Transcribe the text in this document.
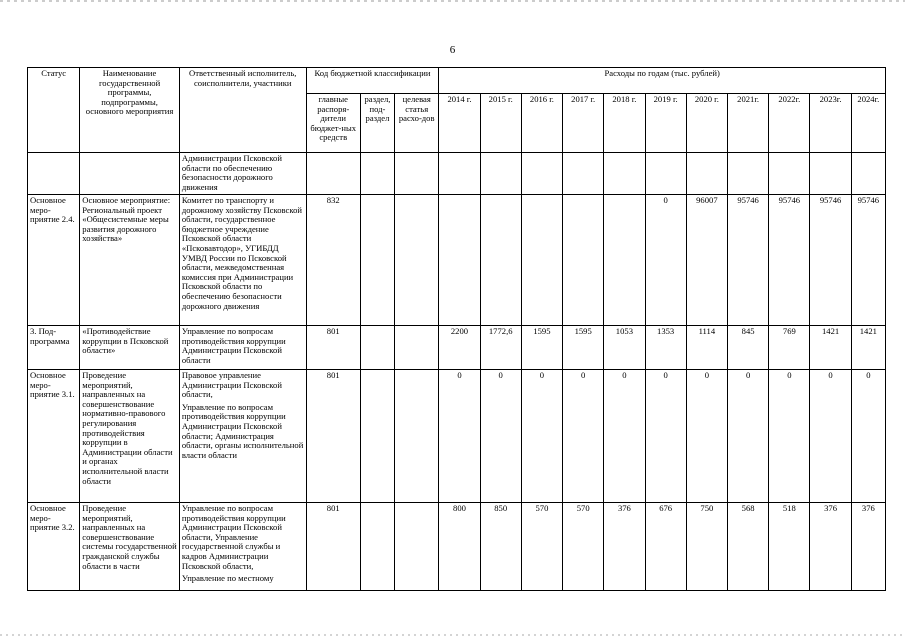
6
Статус	Наименование государственной программы, подпрограммы, основного мероприятия	Ответственный исполнитель, соисполнители, участники	Код бюджетной классификации			Расходы по годам (тыс. рублей)										
			главные распоря-дители бюджет-ных средств	раздел, под-раздел	целевая статья расхо-дов	2014 г.	2015 г.	2016 г.	2017 г.	2018 г.	2019 г.	2020 г.	2021г.	2022г.	2023г.	2024г.

		Администрации Псковской области по обеспечению безопасности дорожного движения														

Основное меро-приятие 2.4.	Основное мероприятие: Региональный проект «Общесистемные меры развития дорожного хозяйства»	Комитет по транспорту и дорожному хозяйству Псковской области, государственное бюджетное учреждение Псковской области «Псковавтодор», УГИБДД УМВД России по Псковской области, межведомственная комиссия при Администрации Псковской области по обеспечению безопасности дорожного движения	832								0	96007	95746	95746	95746	95746
3. Под-программа	«Противодействие коррупции в Псковской области»	Управление по вопросам противодействия коррупции Администрации Псковской области	801			2200	1772,6	1595	1595	1053	1353	1114	845	769	1421	1421
Основное меро-приятие 3.1.	Проведение мероприятий, направленных на совершенствование нормативно-правового регулирования противодействия коррупции в Администрации области и органах исполнительной власти области	Правовое управление Администрации Псковской области,
Управление по вопросам противодействия коррупции Администрации Псковской области; Администрация области, органы исполнительной власти области	801			0	0	0	0	0	0	0	0	0	0	0
Основное меро-приятие 3.2.	Проведение мероприятий, направленных на совершенствование системы государственной гражданской службы области в части	Управление по вопросам противодействия коррупции Администрации Псковской области, Управление государственной службы и кадров Администрации Псковской области,
Управление по местному	801			800	850	570	570	376	676	750	568	518	376	376
